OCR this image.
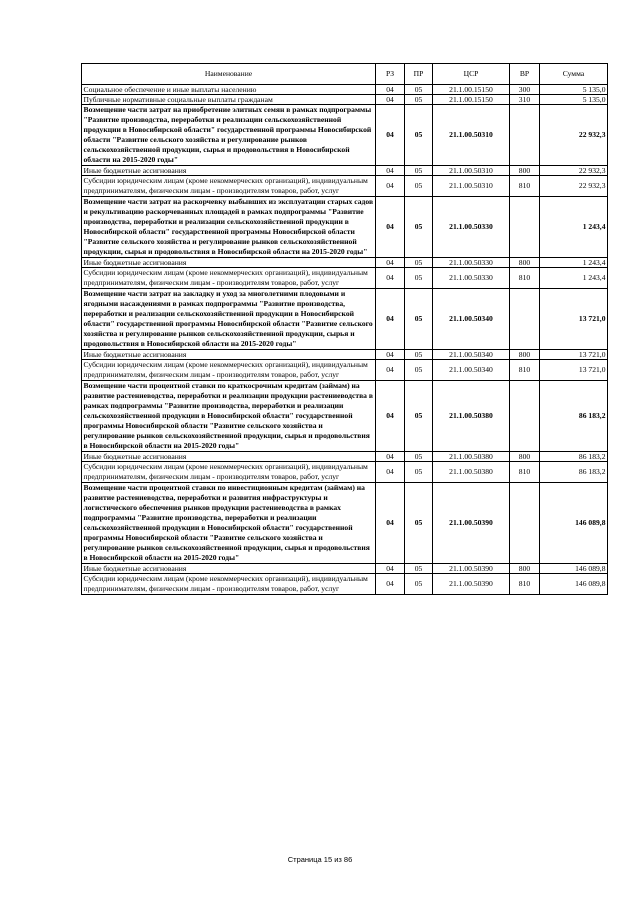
Наименование	РЗ	ПР	ЦСР	ВР	Сумма
Социальное обеспечение и иные выплаты населению	04	05	21.1.00.15150	300	5 135,0
Публичные нормативные социальные выплаты гражданам	04	05	21.1.00.15150	310	5 135,0
Возмещение части затрат на приобретение элитных семян в рамках подпрограммы "Развитие производства, переработки и реализации сельскохозяйственной продукции в Новосибирской области" государственной программы Новосибирской области "Развитие сельского хозяйства и регулирование рынков сельскохозяйственной продукции, сырья и продовольствия в Новосибирской области на 2015-2020 годы"	04	05	21.1.00.50310		22 932,3
Иные бюджетные ассигнования	04	05	21.1.00.50310	800	22 932,3
Субсидии юридическим лицам (кроме некоммерческих организаций), индивидуальным предпринимателям, физическим лицам - производителям товаров, работ, услуг	04	05	21.1.00.50310	810	22 932,3
Возмещение части затрат на раскорчевку выбывших из эксплуатации старых садов и рекультивацию раскорчеванных площадей в рамках подпрограммы "Развитие производства, переработки и реализации сельскохозяйственной продукции в Новосибирской области" государственной программы Новосибирской области "Развитие сельского хозяйства и регулирование рынков сельскохозяйственной продукции, сырья и продовольствия в Новосибирской области на 2015-2020 годы"	04	05	21.1.00.50330		1 243,4
Иные бюджетные ассигнования	04	05	21.1.00.50330	800	1 243,4
Субсидии юридическим лицам (кроме некоммерческих организаций), индивидуальным предпринимателям, физическим лицам - производителям товаров, работ, услуг	04	05	21.1.00.50330	810	1 243,4
Возмещение части затрат на закладку и уход за многолетними плодовыми и ягодными насаждениями в рамках подпрограммы "Развитие производства, переработки и реализации сельскохозяйственной продукции в Новосибирской области" государственной программы Новосибирской области "Развитие сельского хозяйства и регулирование рынков сельскохозяйственной продукции, сырья и продовольствия в Новосибирской области на 2015-2020 годы"	04	05	21.1.00.50340		13 721,0
Иные бюджетные ассигнования	04	05	21.1.00.50340	800	13 721,0
Субсидии юридическим лицам (кроме некоммерческих организаций), индивидуальным предпринимателям, физическим лицам - производителям товаров, работ, услуг	04	05	21.1.00.50340	810	13 721,0
Возмещение части процентной ставки по краткосрочным кредитам (займам) на развитие растениеводства, переработки и реализации продукции растениеводства в рамках подпрограммы "Развитие производства, переработки и реализации сельскохозяйственной продукции в Новосибирской области" государственной программы Новосибирской области "Развитие сельского хозяйства и регулирование рынков сельскохозяйственной продукции, сырья и продовольствия в Новосибирской области на 2015-2020 годы"	04	05	21.1.00.50380		86 183,2
Иные бюджетные ассигнования	04	05	21.1.00.50380	800	86 183,2
Субсидии юридическим лицам (кроме некоммерческих организаций), индивидуальным предпринимателям, физическим лицам - производителям товаров, работ, услуг	04	05	21.1.00.50380	810	86 183,2
Возмещение части процентной ставки по инвестиционным кредитам (займам) на развитие растениеводства, переработки и развития инфраструктуры и логистического обеспечения рынков продукции растениеводства в рамках подпрограммы "Развитие производства, переработки и реализации сельскохозяйственной продукции в Новосибирской области" государственной программы Новосибирской области "Развитие сельского хозяйства и регулирование рынков сельскохозяйственной продукции, сырья и продовольствия в Новосибирской области на 2015-2020 годы"	04	05	21.1.00.50390		146 089,8
Иные бюджетные ассигнования	04	05	21.1.00.50390	800	146 089,8
Субсидии юридическим лицам (кроме некоммерческих организаций), индивидуальным предпринимателям, физическим лицам - производителям товаров, работ, услуг	04	05	21.1.00.50390	810	146 089,8
Страница 15 из 86
